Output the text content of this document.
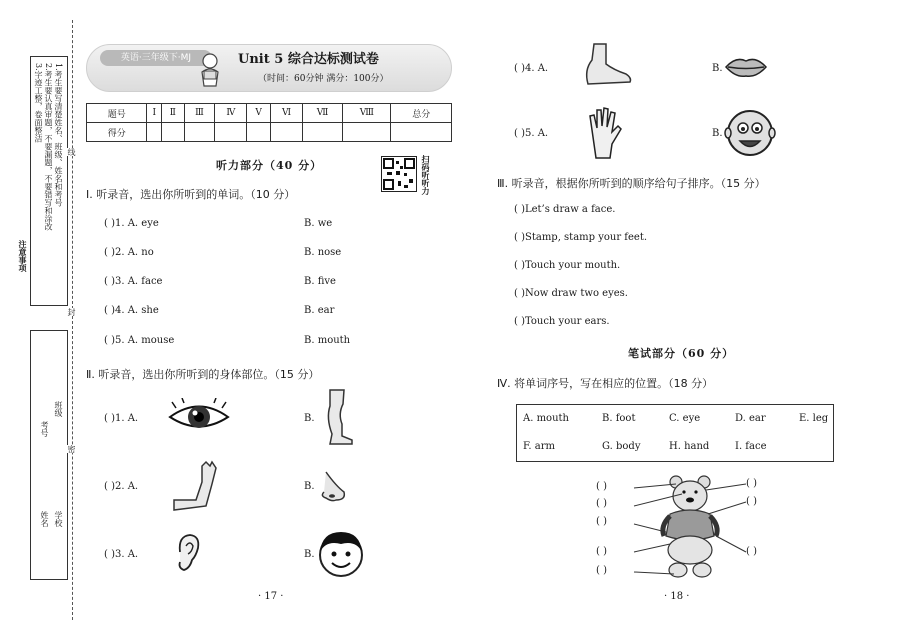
1.考生要写清楚姓名、班级、姓名和考号
2.考生要认真审题，不要漏题，不要错写和涂改
3.字迹工整，卷面整洁
注意事项
学校
姓名
班级
考号
密
封
线
英语·三年级下·MJ	Unit 5 综合达标测试卷
（时间：60分钟 满分：100分）
题号	Ⅰ	Ⅱ	Ⅲ	Ⅳ	Ⅴ	Ⅵ	Ⅶ	Ⅷ	总分
得分									
听力部分（40 分）	扫码听听力
Ⅰ. 听录音，选出你所听到的单词。（10 分）
( )1. A. eye	B. we
( )2. A. no	B. nose
( )3. A. face	B. five
( )4. A. she	B. ear
( )5. A. mouse	B. mouth
Ⅱ. 听录音，选出你所听到的身体部位。（15 分）
( )1. A.	B.
( )2. A.	B.
( )3. A.	B.
· 17 ·
( )4. A.	B.
( )5. A.	B.
Ⅲ. 听录音，根据你所听到的顺序给句子排序。（15 分）
( )Let’s draw a face.
( )Stamp, stamp your feet.
( )Touch your mouth.
( )Now draw two eyes.
( )Touch your ears.
笔试部分（60 分）
Ⅳ. 将单词序号，写在相应的位置。（18 分）
A. mouth	B. foot	C. eye	D. ear	E. leg
F. arm	G. body	H. hand	I. face
( )
( )
( )
( )
( )
( )
( )
( )
· 18 ·
